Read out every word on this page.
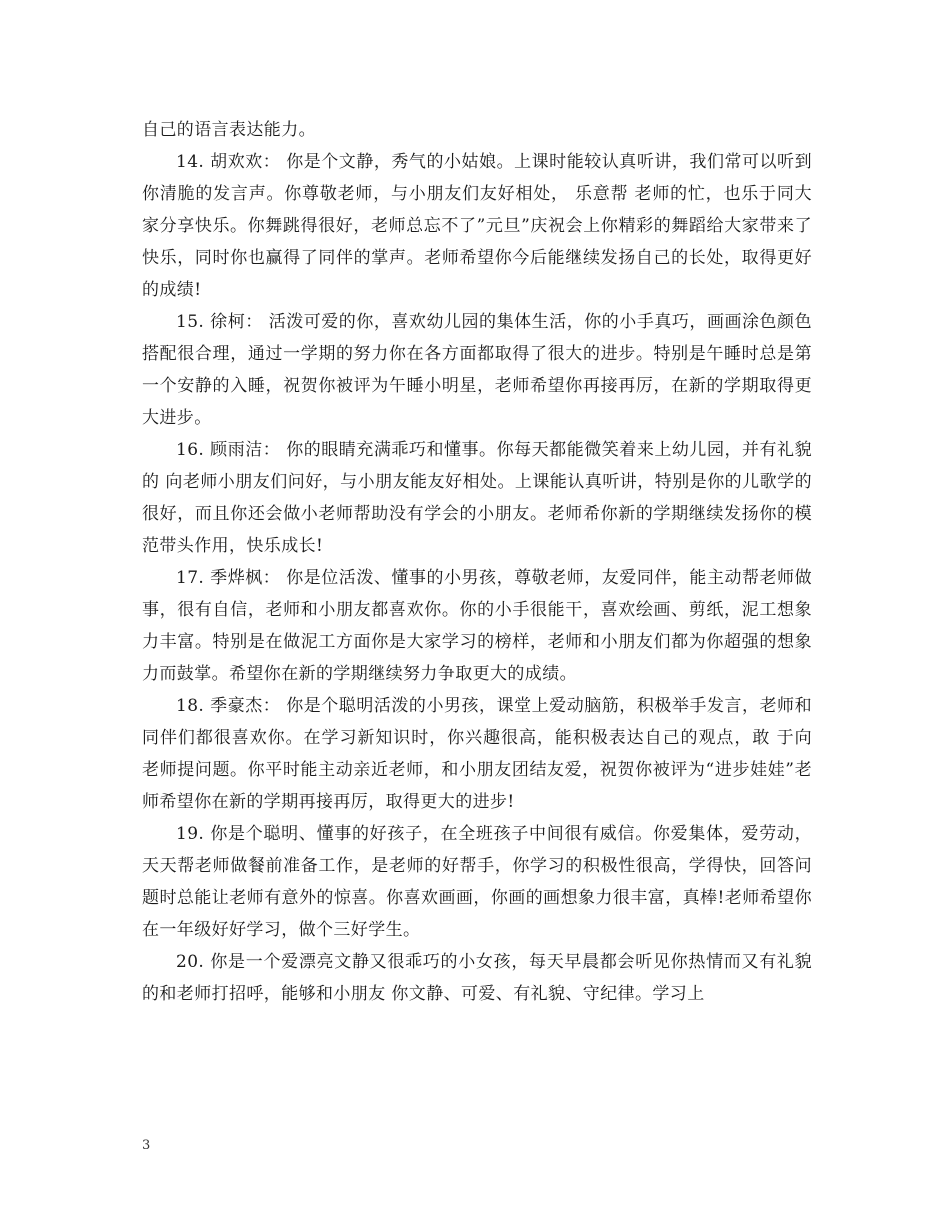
自己的语言表达能力。

14. 胡欢欢： 你是个文静，秀气的小姑娘。上课时能较认真听讲，我们常可以听到你清脆的发言声。你尊敬老师，与小朋友们友好相处， 乐意帮 老师的忙，也乐于同大家分享快乐。你舞跳得很好，老师总忘不了”元旦”庆祝会上你精彩的舞蹈给大家带来了快乐，同时你也赢得了同伴的掌声。老师希望你今后能继续发扬自己的长处，取得更好的成绩!

15. 徐柯： 活泼可爱的你，喜欢幼儿园的集体生活，你的小手真巧，画画涂色颜色搭配很合理，通过一学期的努力你在各方面都取得了很大的进步。特别是午睡时总是第一个安静的入睡，祝贺你被评为午睡小明星，老师希望你再接再厉，在新的学期取得更大进步。

16. 顾雨洁： 你的眼睛充满乖巧和懂事。你每天都能微笑着来上幼儿园，并有礼貌的 向老师小朋友们问好，与小朋友能友好相处。上课能认真听讲，特别是你的儿歌学的很好，而且你还会做小老师帮助没有学会的小朋友。老师希你新的学期继续发扬你的模范带头作用，快乐成长!

17. 季烨枫： 你是位活泼、懂事的小男孩，尊敬老师，友爱同伴，能主动帮老师做事，很有自信，老师和小朋友都喜欢你。你的小手很能干，喜欢绘画、剪纸，泥工想象力丰富。特别是在做泥工方面你是大家学习的榜样，老师和小朋友们都为你超强的想象力而鼓掌。希望你在新的学期继续努力争取更大的成绩。

18. 季豪杰： 你是个聪明活泼的小男孩，课堂上爱动脑筋，积极举手发言，老师和同伴们都很喜欢你。在学习新知识时，你兴趣很高，能积极表达自己的观点，敢 于向 老师提问题。你平时能主动亲近老师，和小朋友团结友爱，祝贺你被评为“进步娃娃”老师希望你在新的学期再接再厉，取得更大的进步!

19. 你是个聪明、懂事的好孩子，在全班孩子中间很有威信。你爱集体，爱劳动，天天帮老师做餐前准备工作，是老师的好帮手，你学习的积极性很高，学得快，回答问题时总能让老师有意外的惊喜。你喜欢画画，你画的画想象力很丰富，真棒!老师希望你在一年级好好学习，做个三好学生。

20. 你是一个爱漂亮文静又很乖巧的小女孩，每天早晨都会听见你热情而又有礼貌的和老师打招呼，能够和小朋友 你文静、可爱、有礼貌、守纪律。学习上

3
